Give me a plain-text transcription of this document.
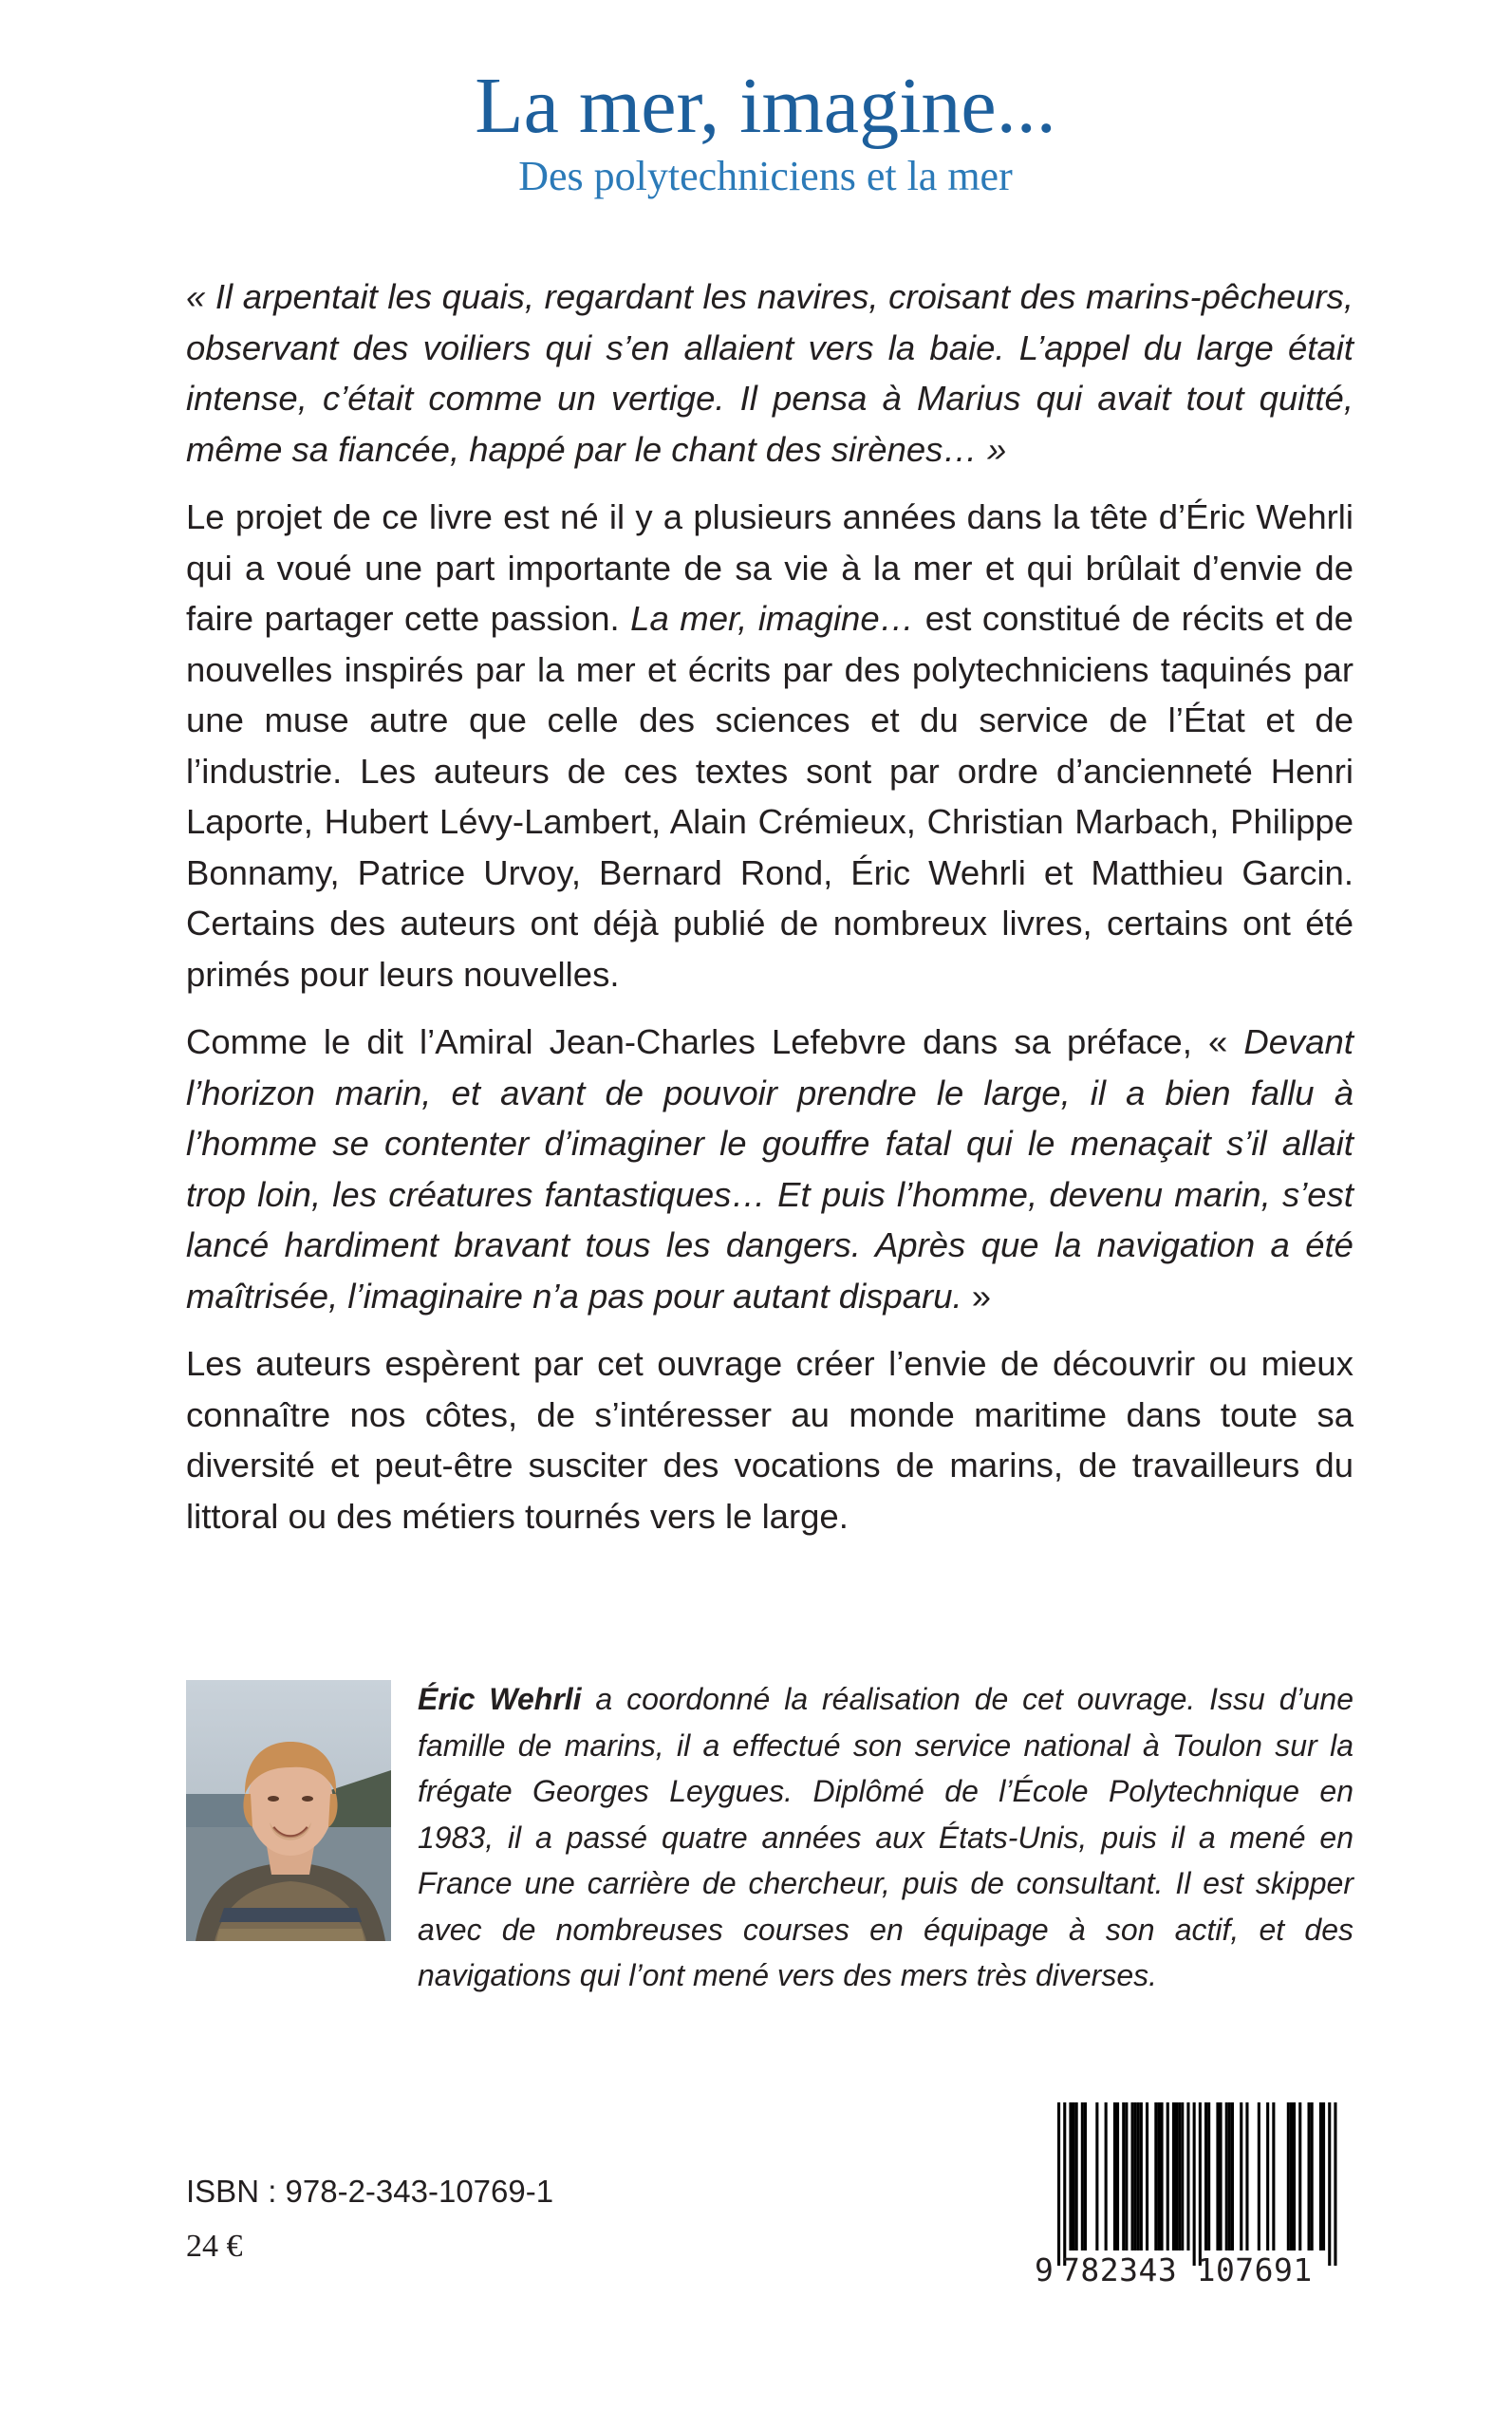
La mer, imagine...
Des polytechniciens et la mer

« Il arpentait les quais, regardant les navires, croisant des marins-pêcheurs, observant des voiliers qui s’en allaient vers la baie. L’appel du large était intense, c’était comme un vertige. Il pensa à Marius qui avait tout quitté, même sa fiancée, happé par le chant des sirènes… »

Le projet de ce livre est né il y a plusieurs années dans la tête d’Éric Wehrli qui a voué une part importante de sa vie à la mer et qui brûlait d’envie de faire partager cette passion. La mer, imagine… est constitué de récits et de nouvelles inspirés par la mer et écrits par des polytechniciens taquinés par une muse autre que celle des sciences et du service de l’État et de l’industrie. Les auteurs de ces textes sont par ordre d’ancienneté Henri Laporte, Hubert Lévy-Lambert, Alain Crémieux, Christian Marbach, Philippe Bonnamy, Patrice Urvoy, Bernard Rond, Éric Wehrli et Matthieu Garcin. Certains des auteurs ont déjà publié de nombreux livres, certains ont été primés pour leurs nouvelles.

Comme le dit l’Amiral Jean-Charles Lefebvre dans sa préface, « Devant l’horizon marin, et avant de pouvoir prendre le large, il a bien fallu à l’homme se contenter d’imaginer le gouffre fatal qui le menaçait s’il allait trop loin, les créatures fantastiques… Et puis l’homme, devenu marin, s’est lancé hardiment bravant tous les dangers. Après que la navigation a été maîtrisée, l’imaginaire n’a pas pour autant disparu. »

Les auteurs espèrent par cet ouvrage créer l’envie de découvrir ou mieux connaître nos côtes, de s’intéresser au monde maritime dans toute sa diversité et peut-être susciter des vocations de marins, de travailleurs du littoral ou des métiers tournés vers le large.

Éric Wehrli a coordonné la réalisation de cet ouvrage. Issu d’une famille de marins, il a effectué son service national à Toulon sur la frégate Georges Leygues. Diplômé de l’École Polytechnique en 1983, il a passé quatre années aux États-Unis, puis il a mené en France une carrière de chercheur, puis de consultant. Il est skipper avec de nombreuses courses en équipage à son actif, et des navigations qui l’ont mené vers des mers très diverses.
ISBN : 978-2-343-10769-1
24 €
9 782343 107691
